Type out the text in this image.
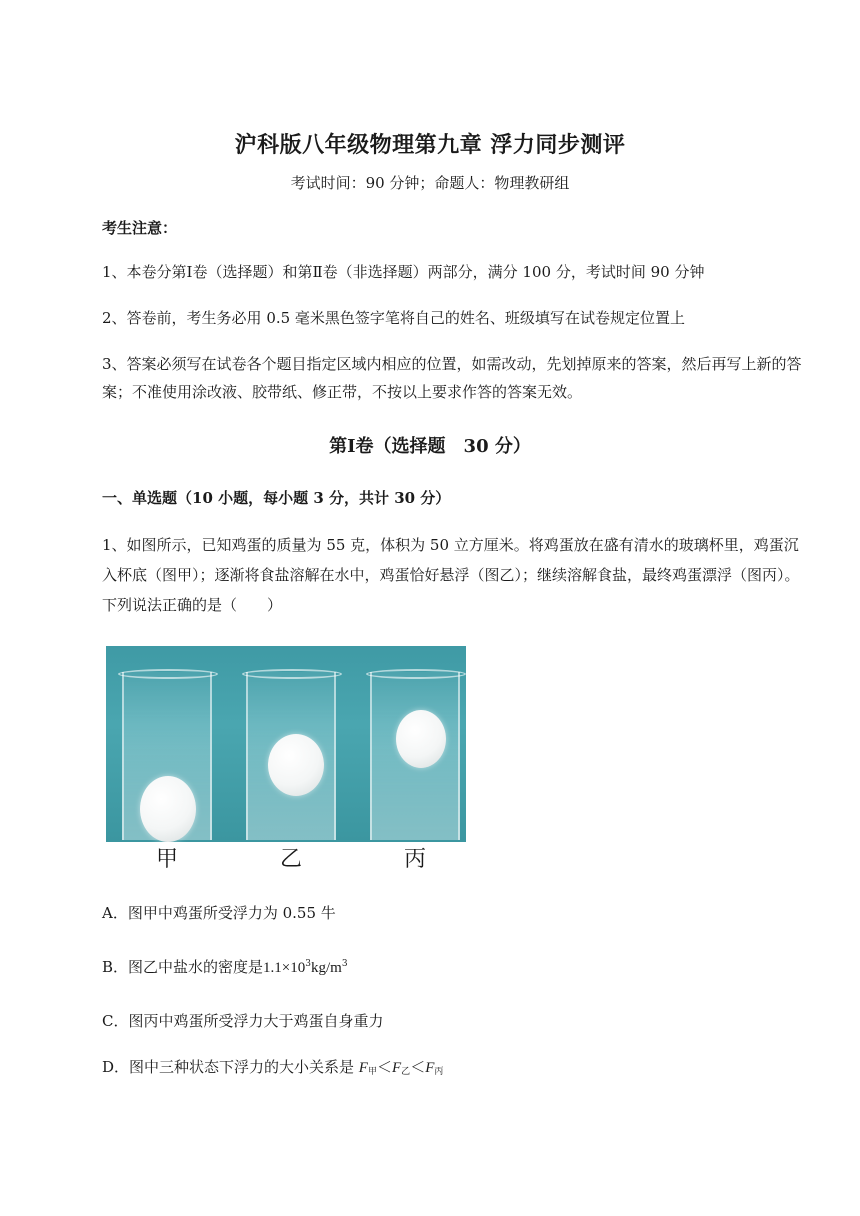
沪科版八年级物理第九章 浮力同步测评
考试时间：90 分钟；命题人：物理教研组
考生注意：
1、本卷分第Ⅰ卷（选择题）和第Ⅱ卷（非选择题）两部分，满分 100 分，考试时间 90 分钟
2、答卷前，考生务必用 0.5 毫米黑色签字笔将自己的姓名、班级填写在试卷规定位置上
3、答案必须写在试卷各个题目指定区域内相应的位置，如需改动，先划掉原来的答案，然后再写上新的答案；不准使用涂改液、胶带纸、修正带，不按以上要求作答的答案无效。
第Ⅰ卷（选择题　30 分）
一、单选题（10 小题，每小题 3 分，共计 30 分）
1、如图所示，已知鸡蛋的质量为 55 克，体积为 50 立方厘米。将鸡蛋放在盛有清水的玻璃杯里，鸡蛋沉入杯底（图甲）；逐渐将食盐溶解在水中，鸡蛋恰好悬浮（图乙）；继续溶解食盐，最终鸡蛋漂浮（图丙）。下列说法正确的是（　　）
甲	乙	丙
A．图甲中鸡蛋所受浮力为 0.55 牛
B．图乙中盐水的密度是$1.1\times 10^3kg/m^3$
C．图丙中鸡蛋所受浮力大于鸡蛋自身重力
D．图中三种状态下浮力的大小关系是 $F_甲<F_乙<F_丙$
